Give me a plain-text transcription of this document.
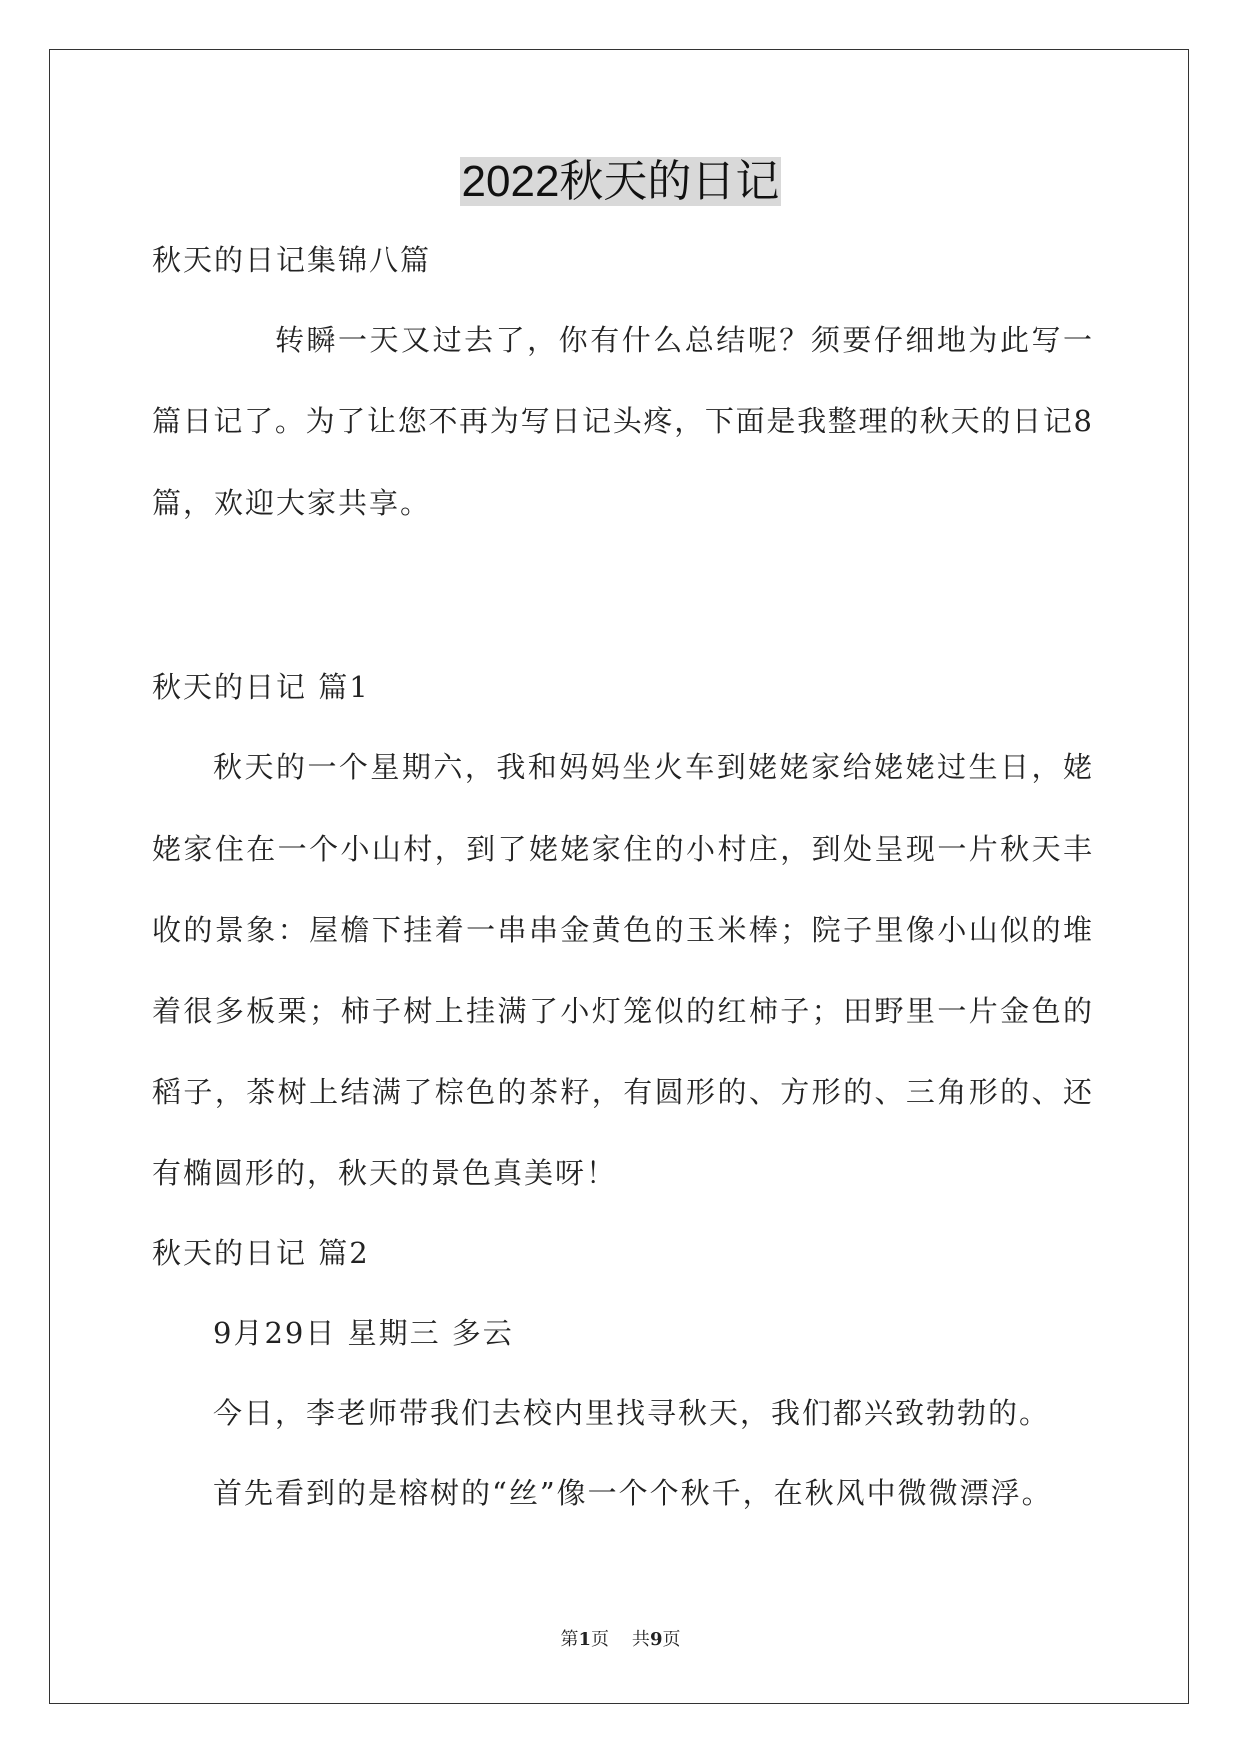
2022秋天的日记
秋天的日记集锦八篇
转瞬一天又过去了，你有什么总结呢？须要仔细地为此写一
篇日记了。为了让您不再为写日记头疼，下面是我整理的秋天的日记8
篇，欢迎大家共享。
秋天的日记 篇1
秋天的一个星期六，我和妈妈坐火车到姥姥家给姥姥过生日，姥
姥家住在一个小山村，到了姥姥家住的小村庄，到处呈现一片秋天丰
收的景象：屋檐下挂着一串串金黄色的玉米棒；院子里像小山似的堆
着很多板栗；柿子树上挂满了小灯笼似的红柿子；田野里一片金色的
稻子，茶树上结满了棕色的茶籽，有圆形的、方形的、三角形的、还
有椭圆形的，秋天的景色真美呀！
秋天的日记 篇2
9月29日 星期三 多云
今日，李老师带我们去校内里找寻秋天，我们都兴致勃勃的。
首先看到的是榕树的“丝”像一个个秋千，在秋风中微微漂浮。
第1页    共9页
